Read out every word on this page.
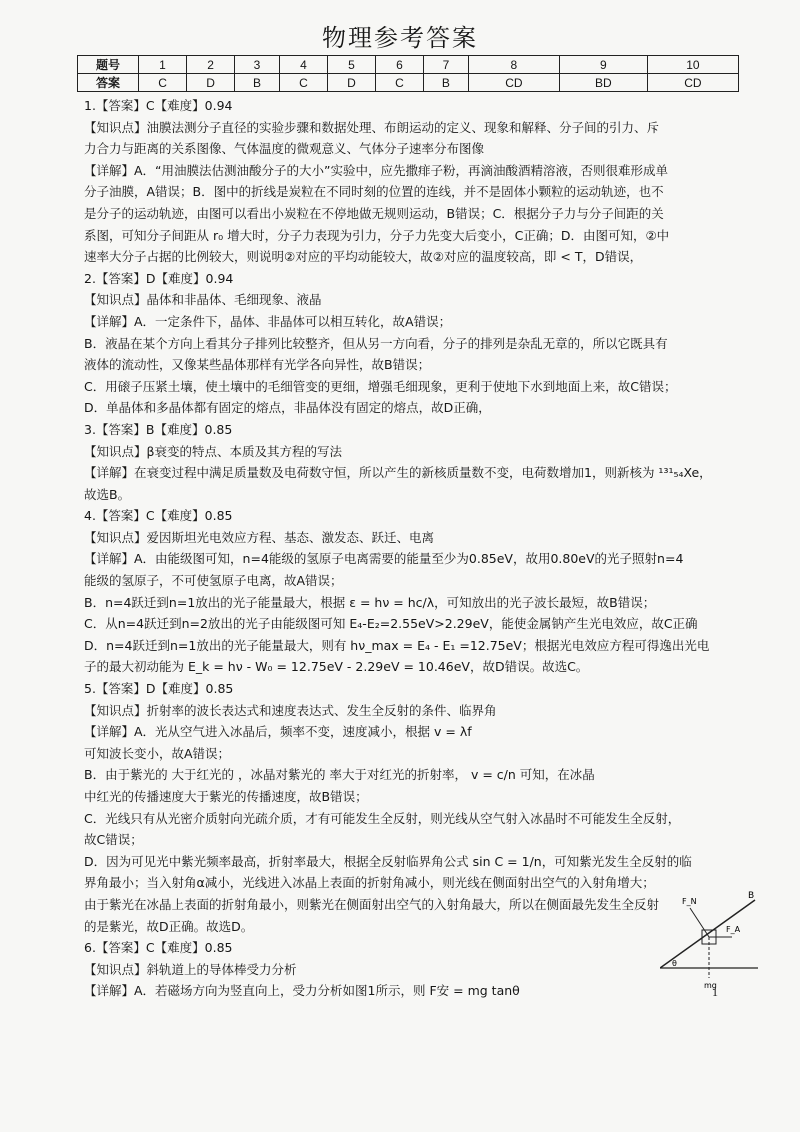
物理参考答案
题号	1	2	3	4	5	6	7	8	9	10
答案	C	D	B	C	D	C	B	CD	BD	CD

1.【答案】C【难度】0.94

【知识点】油膜法测分子直径的实验步骤和数据处理、布朗运动的定义、现象和解释、分子间的引力、斥

力合力与距离的关系图像、气体温度的微观意义、气体分子速率分布图像

【详解】A．“用油膜法估测油酸分子的大小”实验中，应先撒痱子粉，再滴油酸酒精溶液，否则很难形成单

分子油膜，A错误；B．图中的折线是炭粒在不同时刻的位置的连线，并不是固体小颗粒的运动轨迹，也不

是分子的运动轨迹，由图可以看出小炭粒在不停地做无规则运动，B错误；C．根据分子力与分子间距的关

系图，可知分子间距从 r₀ 增大时，分子力表现为引力，分子力先变大后变小，C正确；D．由图可知，②中

速率大分子占据的比例较大，则说明②对应的平均动能较大，故②对应的温度较高，即 < T，D错误，

2.【答案】D【难度】0.94

【知识点】晶体和非晶体、毛细现象、液晶

【详解】A．一定条件下，晶体、非晶体可以相互转化，故A错误；

B．液晶在某个方向上看其分子排列比较整齐，但从另一方向看，分子的排列是杂乱无章的，所以它既具有

液体的流动性，又像某些晶体那样有光学各向异性，故B错误；

C．用磙子压紧土壤，使土壤中的毛细管变的更细，增强毛细现象，更利于使地下水到地面上来，故C错误；

D．单晶体和多晶体都有固定的熔点，非晶体没有固定的熔点，故D正确，

3.【答案】B【难度】0.85

【知识点】β衰变的特点、本质及其方程的写法

【详解】在衰变过程中满足质量数及电荷数守恒，所以产生的新核质量数不变，电荷数增加1，则新核为 ¹³¹₅₄Xe，

故选B。

4.【答案】C【难度】0.85

【知识点】爱因斯坦光电效应方程、基态、激发态、跃迁、电离

【详解】A．由能级图可知，n=4能级的氢原子电离需要的能量至少为0.85eV，故用0.80eV的光子照射n=4

能级的氢原子，不可使氢原子电离，故A错误；

B．n=4跃迁到n=1放出的光子能量最大，根据 ε = hν = hc/λ，可知放出的光子波长最短，故B错误；

C．从n=4跃迁到n=2放出的光子由能级图可知 E₄-E₂=2.55eV>2.29eV，能使金属钠产生光电效应，故C正确

D．n=4跃迁到n=1放出的光子能量最大，则有 hν_max = E₄ - E₁ =12.75eV；根据光电效应方程可得逸出光电

子的最大初动能为 E_k = hν - W₀ = 12.75eV - 2.29eV = 10.46eV，故D错误。故选C。

5.【答案】D【难度】0.85

【知识点】折射率的波长表达式和速度表达式、发生全反射的条件、临界角

【详解】A．光从空气进入冰晶后，频率不变，速度减小，根据 v = λf

可知波长变小，故A错误；

B．由于紫光的 大于红光的 ，冰晶对紫光的 率大于对红光的折射率， v = c/n 可知，在冰晶

中红光的传播速度大于紫光的传播速度，故B错误；

C．光线只有从光密介质射向光疏介质，才有可能发生全反射，则光线从空气射入冰晶时不可能发生全反射，

故C错误；

D．因为可见光中紫光频率最高，折射率最大，根据全反射临界角公式 sin C = 1/n，可知紫光发生全反射的临

界角最小；当入射角α减小，光线进入冰晶上表面的折射角减小，则光线在侧面射出空气的入射角增大；

由于紫光在冰晶上表面的折射角最小，则紫光在侧面射出空气的入射角最大，所以在侧面最先发生全反射

的是紫光，故D正确。故选D。

6.【答案】C【难度】0.85

【知识点】斜轨道上的导体棒受力分析

【详解】A．若磁场方向为竖直向上，受力分析如图1所示，则 F安 = mg tanθ

F_N
F_A
B
mg
θ
1
